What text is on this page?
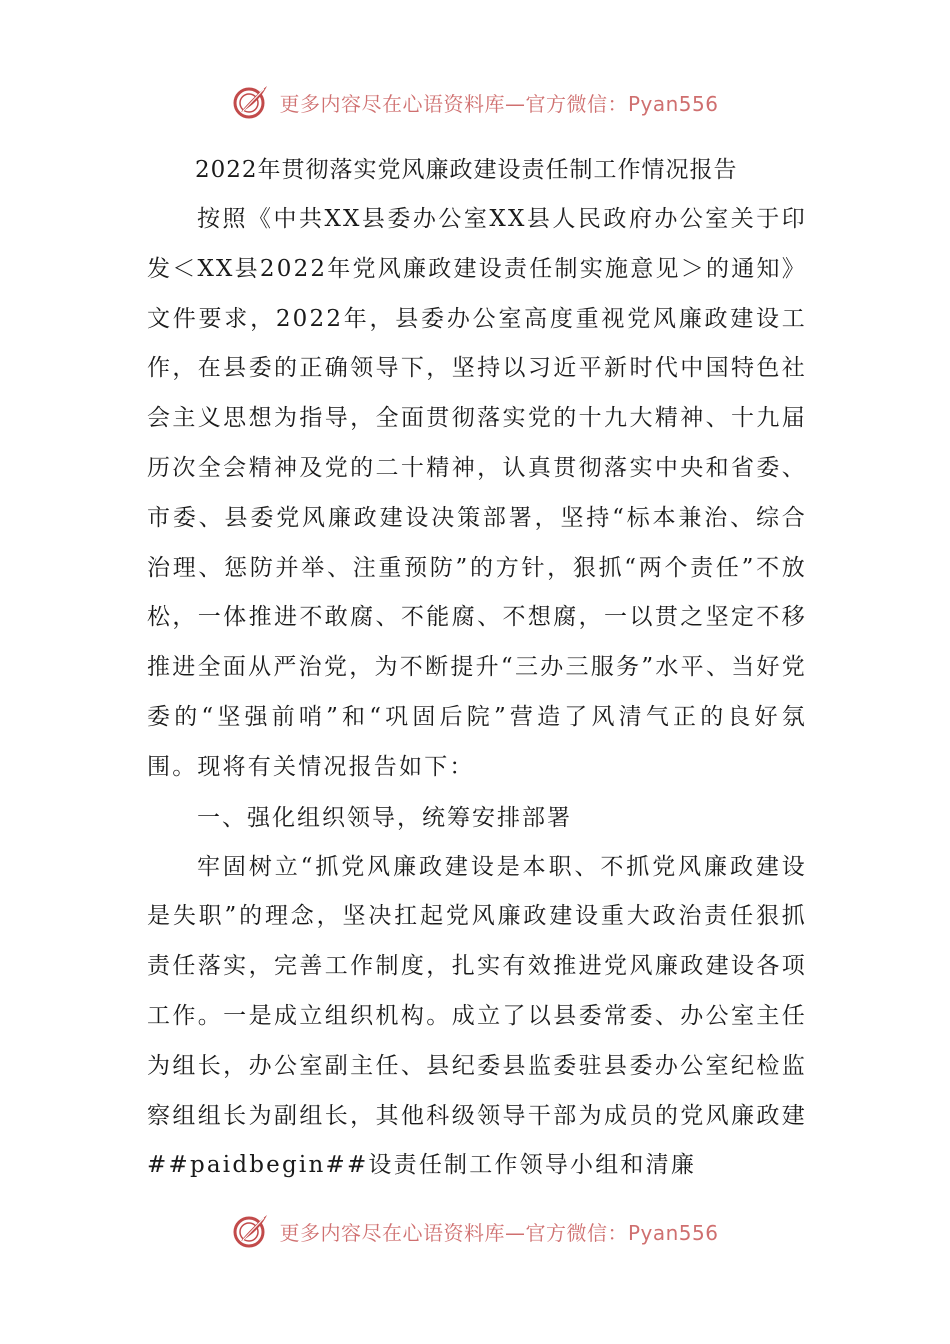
更多内容尽在心语资料库—官方微信：Pyan556
2022年贯彻落实党风廉政建设责任制工作情况报告

按照《中共XX县委办公室XX县人民政府办公室关于印发＜XX县2022年党风廉政建设责任制实施意见＞的通知》文件要求，2022年，县委办公室高度重视党风廉政建设工作，在县委的正确领导下，坚持以习近平新时代中国特色社会主义思想为指导，全面贯彻落实党的十九大精神、十九届历次全会精神及党的二十精神，认真贯彻落实中央和省委、市委、县委党风廉政建设决策部署，坚持“标本兼治、综合治理、惩防并举、注重预防”的方针，狠抓“两个责任”不放松，一体推进不敢腐、不能腐、不想腐，一以贯之坚定不移推进全面从严治党，为不断提升“三办三服务”水平、当好党委的“坚强前哨”和“巩固后院”营造了风清气正的良好氛围。现将有关情况报告如下：

一、强化组织领导，统筹安排部署

牢固树立“抓党风廉政建设是本职、不抓党风廉政建设是失职”的理念，坚决扛起党风廉政建设重大政治责任狠抓责任落实，完善工作制度，扎实有效推进党风廉政建设各项工作。一是成立组织机构。成立了以县委常委、办公室主任为组长，办公室副主任、县纪委县监委驻县委办公室纪检监察组组长为副组长，其他科级领导干部为成员的党风廉政建##paidbegin##设责任制工作领导小组和清廉

更多内容尽在心语资料库—官方微信：Pyan556
